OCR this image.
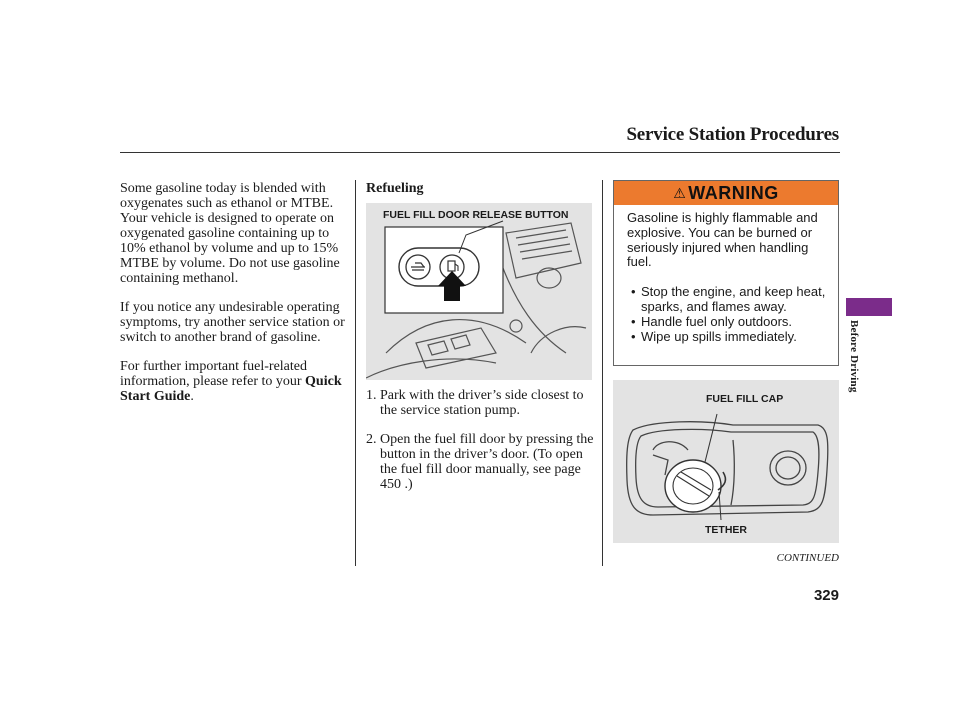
Service Station Procedures

Some gasoline today is blended with oxygenates such as ethanol or MTBE. Your vehicle is designed to operate on oxygenated gasoline containing up to 10% ethanol by volume and up to 15% MTBE by volume. Do not use gasoline containing methanol.

If you notice any undesirable operating symptoms, try another service station or switch to another brand of gasoline.

For further important fuel-related information, please refer to your Quick Start Guide.

Refueling
FUEL FILL DOOR RELEASE BUTTON
1. Park with the driver’s side closest to the service station pump.
2. Open the fuel fill door by pressing the button in the driver’s door. (To open the fuel fill door manually, see page 450 .)
⚠ WARNING

Gasoline is highly flammable and explosive. You can be burned or seriously injured when handling fuel.

• Stop the engine, and keep heat, sparks, and flames away.
• Handle fuel only outdoors.
• Wipe up spills immediately.
FUEL FILL CAP
TETHER
Before Driving
CONTINUED
329
